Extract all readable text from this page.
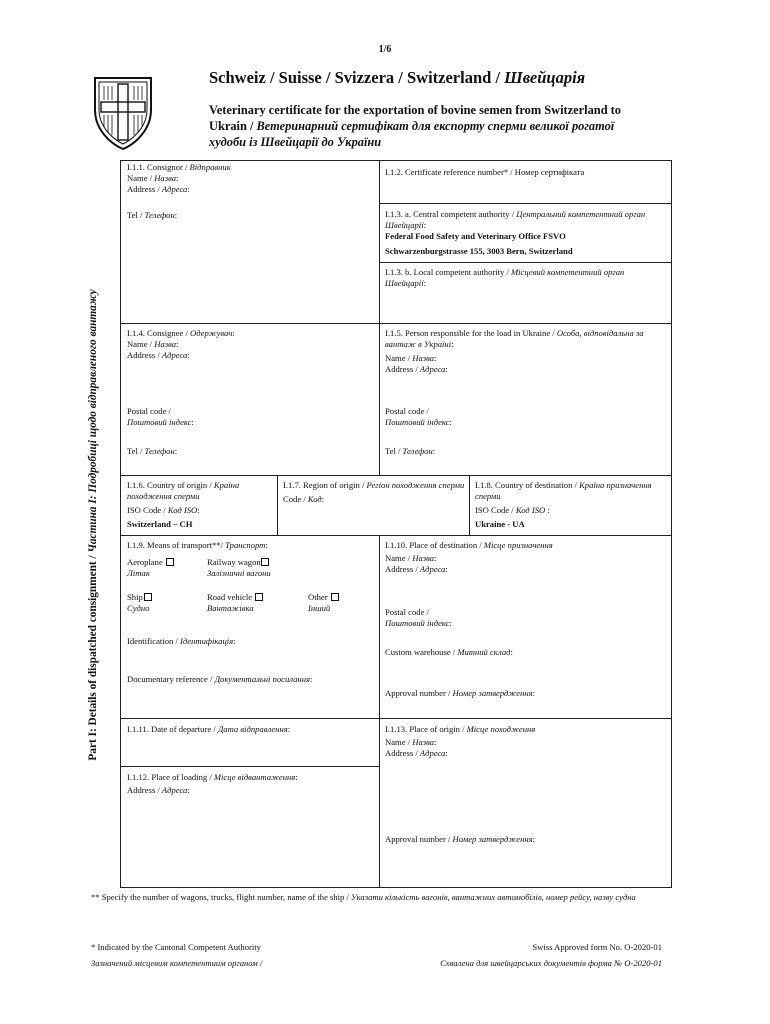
1/6
Schweiz / Suisse / Svizzera / Switzerland / Швейцарія
Veterinary certificate for the exportation of bovine semen from Switzerland to Ukrain / Ветеринарний сертифікат для експорту сперми великої рогатої худоби із Швейцарії до України
Part I: Details of dispatched consignment / Частина I: Подробиці щодо відправленого вантажу
I.1.1. Consignor / Відправник
Name / Назва:
Address / Адреса:
Tel / Телефон:
I.1.2. Certificate reference number* / Номер сертифіката
I.1.3. a. Central competent authority / Центральний компетентний орган Швейцарії:
Federal Food Safety and Veterinary Office FSVO
Schwarzenburgstrasse 155, 3003 Bern, Switzerland
I.1.3. b. Local competent authority / Місцевий компетентний орган Швейцарії:
I.1.4. Consignee / Одержувач:
Name / Назва:
Address / Адреса:
Postal code /
Поштовий індекс:
Tel / Телефон:
I.1.5. Person responsible for the load in Ukraine / Особа, відповідальна за вантаж в Україні:
Name / Назва:
Address / Адреса:
Postal code /
Поштовий індекс:
Tel / Телефон:
I.1.6. Country of origin / Країна походження сперми
ISO Code / Код ISO:
Switzerland – CH
I.1.7. Region of origin / Регіон походження сперми
Code / Код:
I.1.8. Country of destination / Країна призначення сперми
ISO Code / Код ISO :
Ukraine - UA
I.1.9. Means of transport**/ Транспорт:
Aeroplane
Літак
Railway wagon
Залізничні вагони
Ship
Судно
Road vehicle
Вантажівка
Other
Інший
Identification / Ідентифікація:
Documentary reference / Документальні посилання:
I.1.10. Place of destination / Місце призначення
Name / Назва:
Address / Адреса:
Postal code /
Поштовий індекс:
Custom warehouse / Митний склад:
Approval number / Номер затвердження:
I.1.11. Date of departure / Дата відправлення:
I.1.12. Place of loading / Місце відвантаження:
Address / Адреса:
I.1.13. Place of origin / Місце походження
Name / Назва:
Address / Адреса:
Approval number / Номер затвердження:
** Specify the number of wagons, trucks, flight number, name of the ship / Указати кількість вагонів, вантажних автомобілів, номер рейсу, назву судна
* Indicated by the Cantonal Competent Authority
Зазначений місцевим компетентним органом /
Swiss Approved form No. O-2020-01
Схвалена для швейцарських документів форма № O-2020-01
